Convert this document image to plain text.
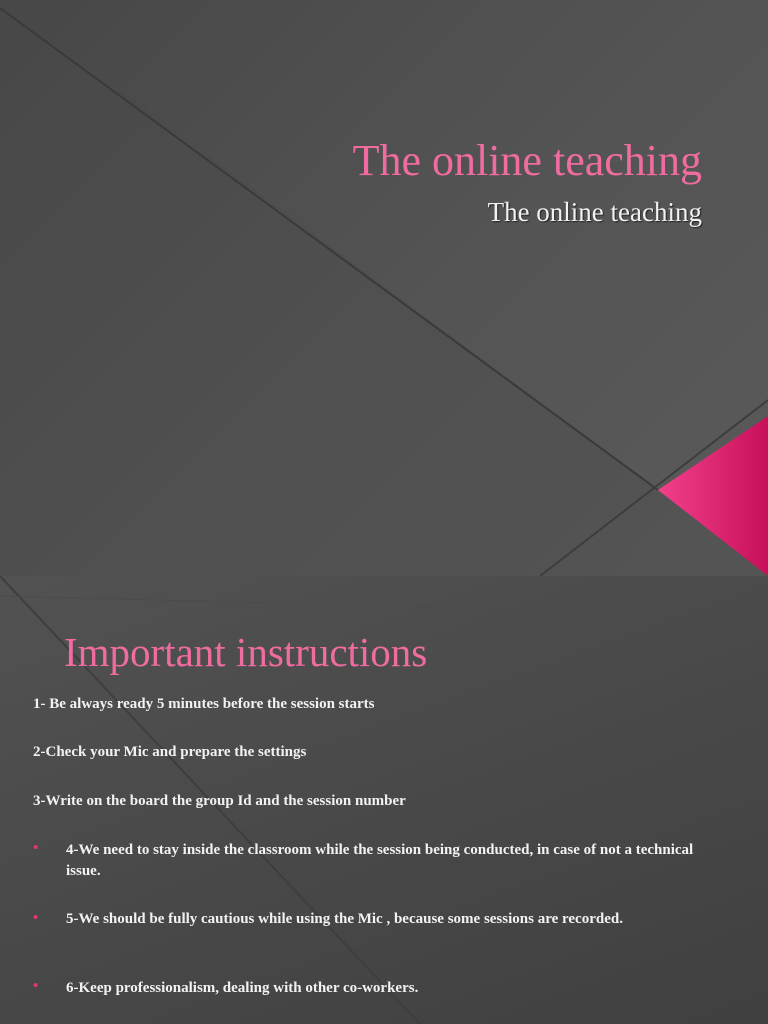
The online teaching
The online teaching
Important instructions
1- Be always ready 5 minutes before the session starts
2-Check your Mic and prepare the settings
3-Write on the board the group Id and the session number
• 4-We need to stay inside the classroom while the session being conducted, in case of not a technical issue.
• 5-We should be fully cautious while using the Mic , because some sessions are recorded.
• 6-Keep professionalism, dealing with other co-workers.
